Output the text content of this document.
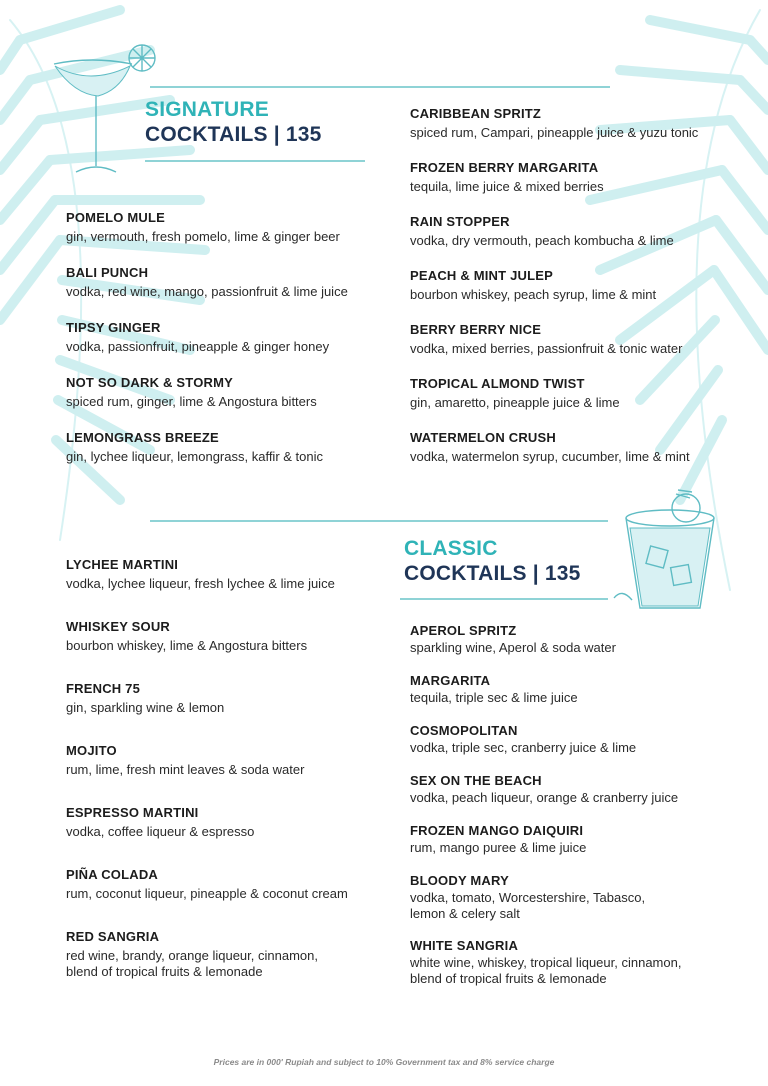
SIGNATURE
COCKTAILS | 135
POMELO MULE
gin, vermouth, fresh pomelo, lime & ginger beer
BALI PUNCH
vodka, red wine, mango, passionfruit & lime juice
TIPSY GINGER
vodka, passionfruit, pineapple & ginger honey
NOT SO DARK & STORMY
spiced rum, ginger, lime & Angostura bitters
LEMONGRASS BREEZE
gin, lychee liqueur, lemongrass, kaffir & tonic
CARIBBEAN SPRITZ
spiced rum, Campari, pineapple juice & yuzu tonic
FROZEN BERRY MARGARITA
tequila, lime juice & mixed berries
RAIN STOPPER
vodka, dry vermouth, peach kombucha & lime
PEACH & MINT JULEP
bourbon whiskey, peach syrup, lime & mint
BERRY BERRY NICE
vodka, mixed berries, passionfruit & tonic water
TROPICAL ALMOND TWIST
gin, amaretto, pineapple juice & lime
WATERMELON CRUSH
vodka, watermelon syrup, cucumber, lime & mint
CLASSIC
COCKTAILS | 135
LYCHEE MARTINI
vodka, lychee liqueur, fresh lychee & lime juice
WHISKEY SOUR
bourbon whiskey, lime & Angostura bitters
FRENCH 75
gin, sparkling wine & lemon
MOJITO
rum, lime, fresh mint leaves & soda water
ESPRESSO MARTINI
vodka, coffee liqueur & espresso
PIÑA COLADA
rum, coconut liqueur, pineapple & coconut cream
RED SANGRIA
red wine, brandy, orange liqueur, cinnamon, blend of tropical fruits & lemonade
APEROL SPRITZ
sparkling wine, Aperol & soda water
MARGARITA
tequila, triple sec & lime juice
COSMOPOLITAN
vodka, triple sec, cranberry juice & lime
SEX ON THE BEACH
vodka, peach liqueur, orange & cranberry juice
FROZEN MANGO DAIQUIRI
rum, mango puree & lime juice
BLOODY MARY
vodka, tomato, Worcestershire, Tabasco, lemon & celery salt
WHITE SANGRIA
white wine, whiskey, tropical liqueur, cinnamon, blend of tropical fruits & lemonade
Prices are in 000' Rupiah and subject to 10% Government tax and 8% service charge
